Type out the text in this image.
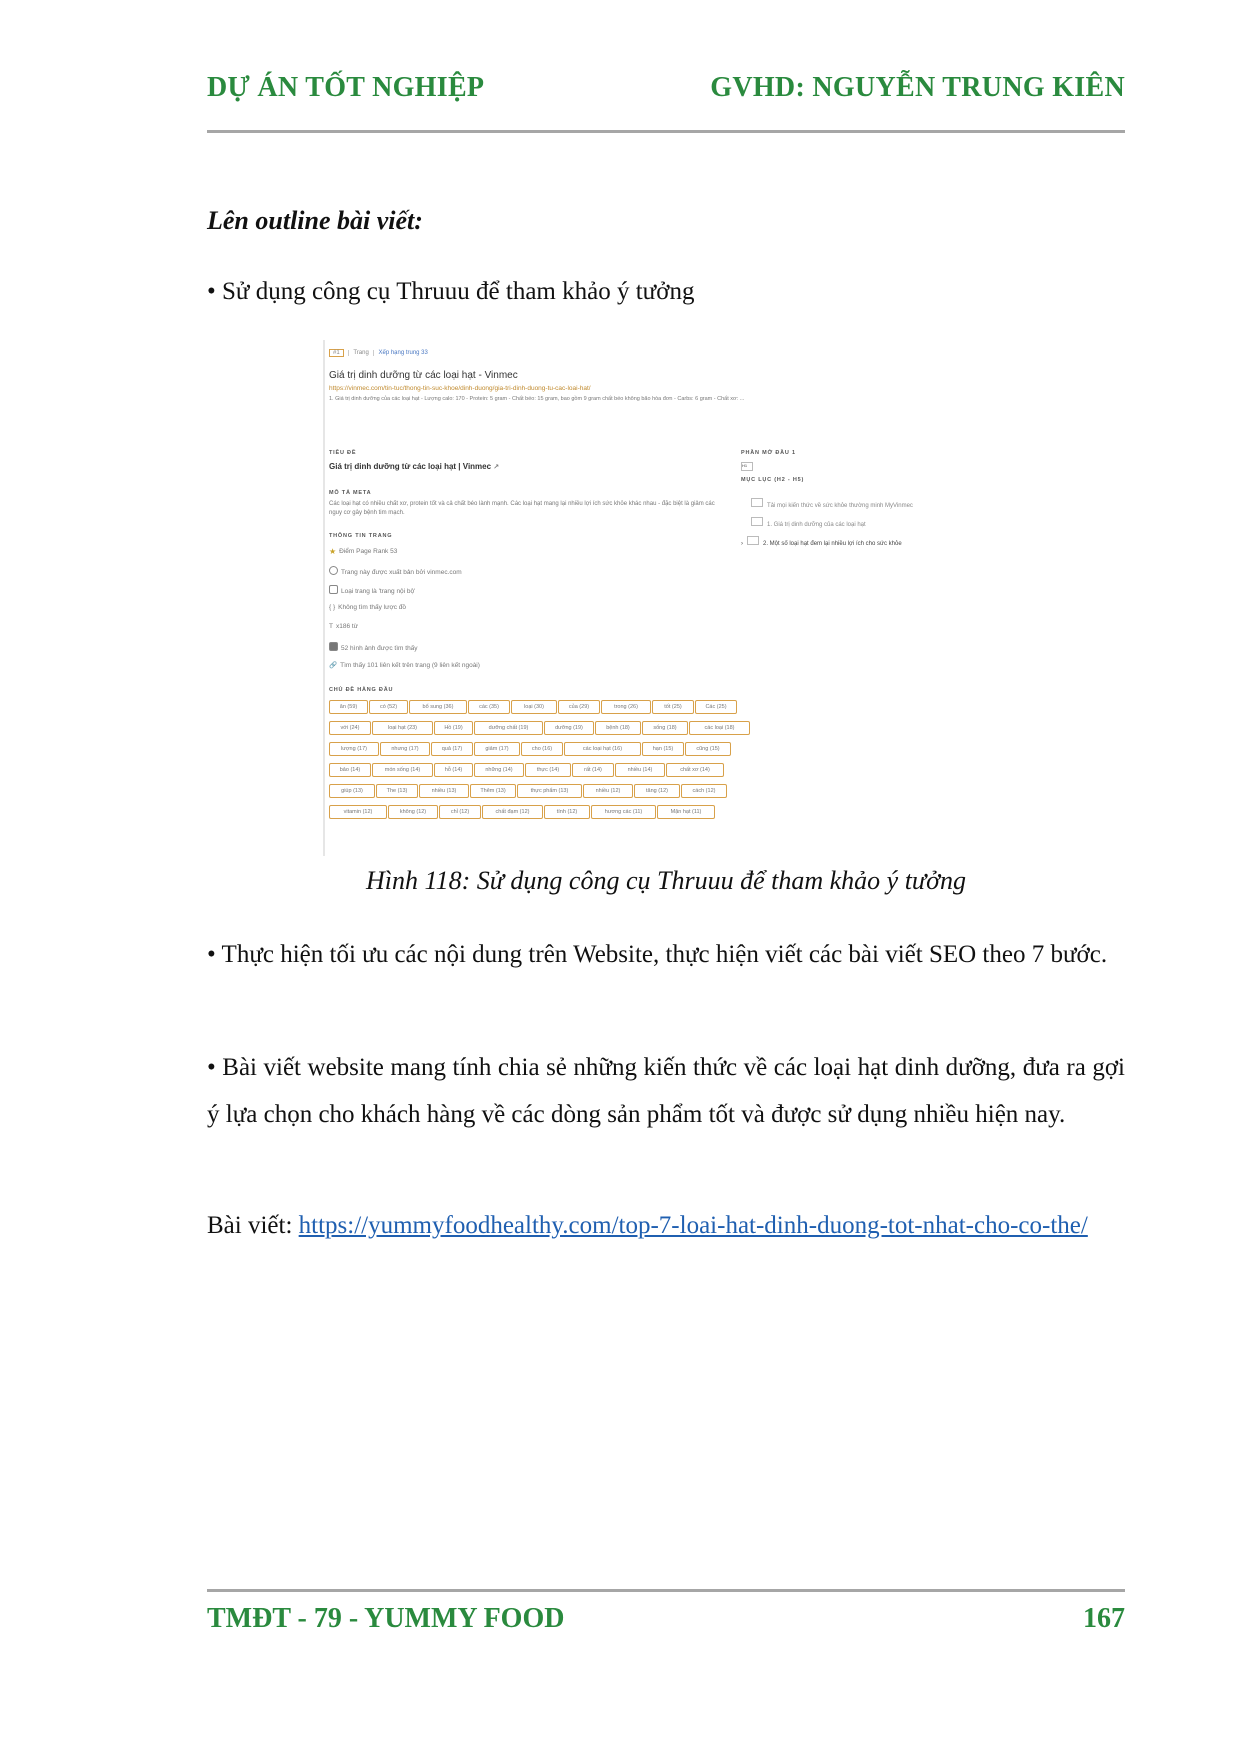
DỰ ÁN TỐT NGHIỆP	GVHD: NGUYỄN TRUNG KIÊN
Lên outline bài viết:
• Sử dụng công cụ Thruuu để tham khảo ý tưởng
#1 Trang Xếp hạng trung 33
Giá trị dinh dưỡng từ các loại hạt - Vinmec
https://vinmec.com/tin-tuc/thong-tin-suc-khoe/dinh-duong/gia-tri-dinh-duong-tu-cac-loai-hat/
1. Giá trị dinh dưỡng của các loại hạt - Lượng calo: 170 - Protein: 5 gram - Chất béo: 15 gram, bao gồm 9 gram chất béo không bão hòa đơn - Carbs: 6 gram - Chất xơ: ...
TIÊU ĐỀ
Giá trị dinh dưỡng từ các loại hạt | Vinmec ↗
MÔ TẢ META
Các loại hạt có nhiều chất xơ, protein tốt và cả chất béo lành mạnh. Các loại hạt mang lại nhiều lợi ích sức khỏe khác nhau - đặc biệt là giảm các nguy cơ gây bệnh tim mạch.
THÔNG TIN TRANG
★ Điểm Page Rank 53
Trang này được xuất bản bởi vinmec.com
Loại trang là 'trang nội bộ'
{ } Không tìm thấy lược đồ
T x186 từ
52 hình ảnh được tìm thấy
🔗 Tìm thấy 101 liên kết trên trang (9 liên kết ngoài)
CHỦ ĐỀ HÀNG ĐẦU
ăn (59)	có (52)	bổ sung (36)	các (35)	loại (30)	của (29)	trong (26)	tốt (25)	Các (25)
với (24)	loại hạt (23)	Hồ (19)	dưỡng chất (19)	dưỡng (19)	bệnh (18)	sống (18)	các loại (18)
lượng (17)	nhưng (17)	quả (17)	giảm (17)	cho (16)	các loại hạt (16)	hạn (15)	cũng (15)
bảo (14)	món sống (14)	hỗ (14)	những (14)	thực (14)	rất (14)	nhiều (14)	chất xơ (14)
giúp (13)	The (13)	nhiều (13)	Thêm (13)	thực phẩm (13)	nhiều (12)	tăng (12)	cách (12)
vitamin (12)	không (12)	chỉ (12)	chất đạm (12)	tính (12)	hương các (11)	Mặn hạt (11)
PHẦN MỞ ĐẦU 1
H1
MỤC LỤC (H2 - H5)
Tải mọi kiến thức về sức khỏe thường minh MyVinmec
1. Giá trị dinh dưỡng của các loại hạt
›	2. Một số loại hạt đem lại nhiều lợi ích cho sức khỏe
Hình 118: Sử dụng công cụ Thruuu để tham khảo ý tưởng
• Thực hiện tối ưu các nội dung trên Website, thực hiện viết các bài viết SEO theo 7 bước.
• Bài viết website mang tính chia sẻ những kiến thức về các loại hạt dinh dưỡng, đưa ra gợi ý lựa chọn cho khách hàng về các dòng sản phẩm tốt và được sử dụng nhiều hiện nay.
Bài viết: https://yummyfoodhealthy.com/top-7-loai-hat-dinh-duong-tot-nhat-cho-co-the/
TMĐT - 79 - YUMMY FOOD	167
